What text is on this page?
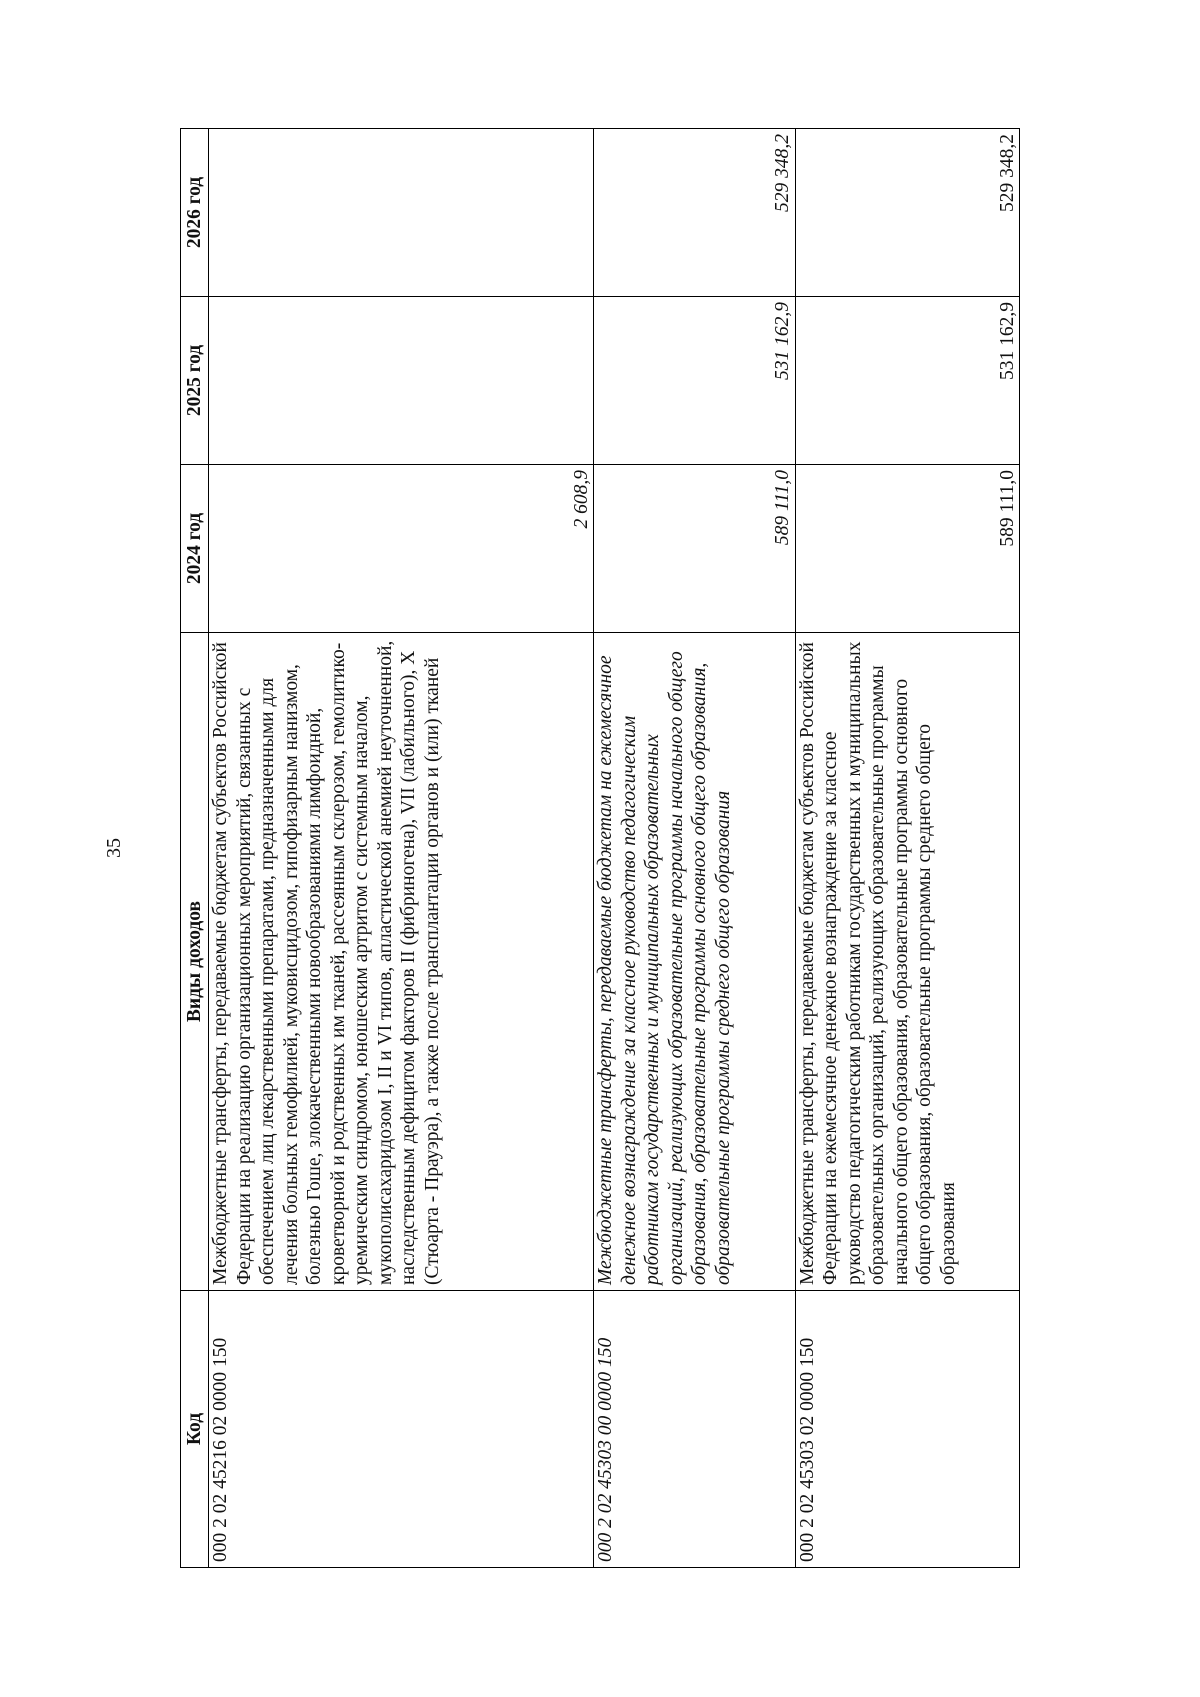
35
Код	Виды доходов	2024 год	2025 год	2026 год
000 2 02 45216 02 0000 150	Межбюджетные трансферты, передаваемые бюджетам субъектов Российской Федерации на реализацию организационных мероприятий, связанных с обеспечением лиц лекарственными препаратами, предназначенными для лечения больных гемофилией, муковисцидозом, гипофизарным нанизмом, болезнью Гоше, злокачественными новообразованиями лимфоидной, кроветворной и родственных им тканей, рассеянным склерозом, гемолитико-уремическим синдромом, юношеским артритом с системным началом, мукополисахаридозом I, II и VI типов, апластической анемией неуточненной, наследственным дефицитом факторов II (фибриногена), VII (лабильного), X (Стюарта - Прауэра), а также после трансплантации органов и (или) тканей	2 608,9		
000 2 02 45303 00 0000 150	Межбюджетные трансферты, передаваемые бюджетам на ежемесячное денежное вознаграждение за классное руководство педагогическим работникам государственных и муниципальных образовательных организаций, реализующих образовательные программы начального общего образования, образовательные программы основного общего образования, образовательные программы среднего общего образования	589 111,0	531 162,9	529 348,2
000 2 02 45303 02 0000 150	Межбюджетные трансферты, передаваемые бюджетам субъектов Российской Федерации на ежемесячное денежное вознаграждение за классное руководство педагогическим работникам государственных и муниципальных образовательных организаций, реализующих образовательные программы начального общего образования, образовательные программы основного общего образования, образовательные программы среднего общего образования	589 111,0	531 162,9	529 348,2
